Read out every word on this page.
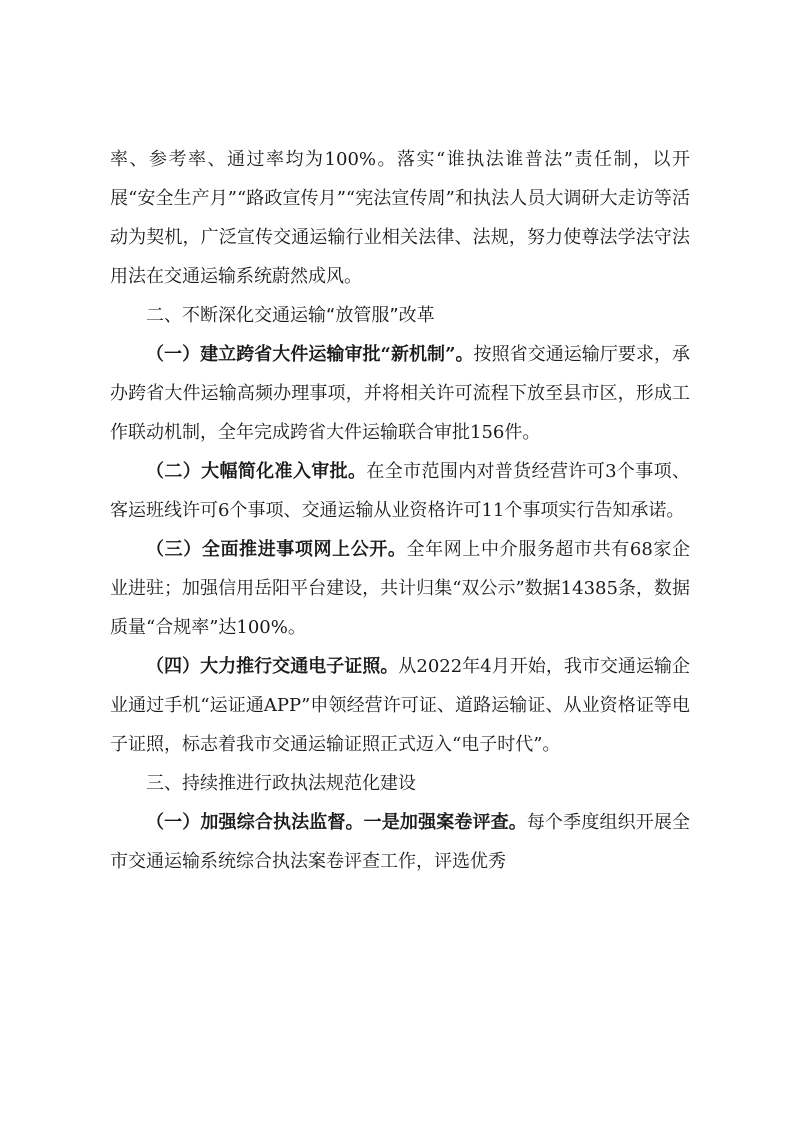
率、参考率、通过率均为100%。落实“谁执法谁普法”责任制，以开展“安全生产月”“路政宣传月”“宪法宣传周”和执法人员大调研大走访等活动为契机，广泛宣传交通运输行业相关法律、法规，努力使尊法学法守法用法在交通运输系统蔚然成风。

二、不断深化交通运输“放管服”改革

（一）建立跨省大件运输审批“新机制”。按照省交通运输厅要求，承办跨省大件运输高频办理事项，并将相关许可流程下放至县市区，形成工作联动机制，全年完成跨省大件运输联合审批156件。

（二）大幅简化准入审批。在全市范围内对普货经营许可3个事项、客运班线许可6个事项、交通运输从业资格许可11个事项实行告知承诺。

（三）全面推进事项网上公开。全年网上中介服务超市共有68家企业进驻；加强信用岳阳平台建设，共计归集“双公示”数据14385条，数据质量“合规率”达100%。

（四）大力推行交通电子证照。从2022年4月开始，我市交通运输企业通过手机“运证通APP”申领经营许可证、道路运输证、从业资格证等电子证照，标志着我市交通运输证照正式迈入“电子时代”。

三、持续推进行政执法规范化建设

（一）加强综合执法监督。一是加强案卷评查。每个季度组织开展全市交通运输系统综合执法案卷评查工作，评选优秀
